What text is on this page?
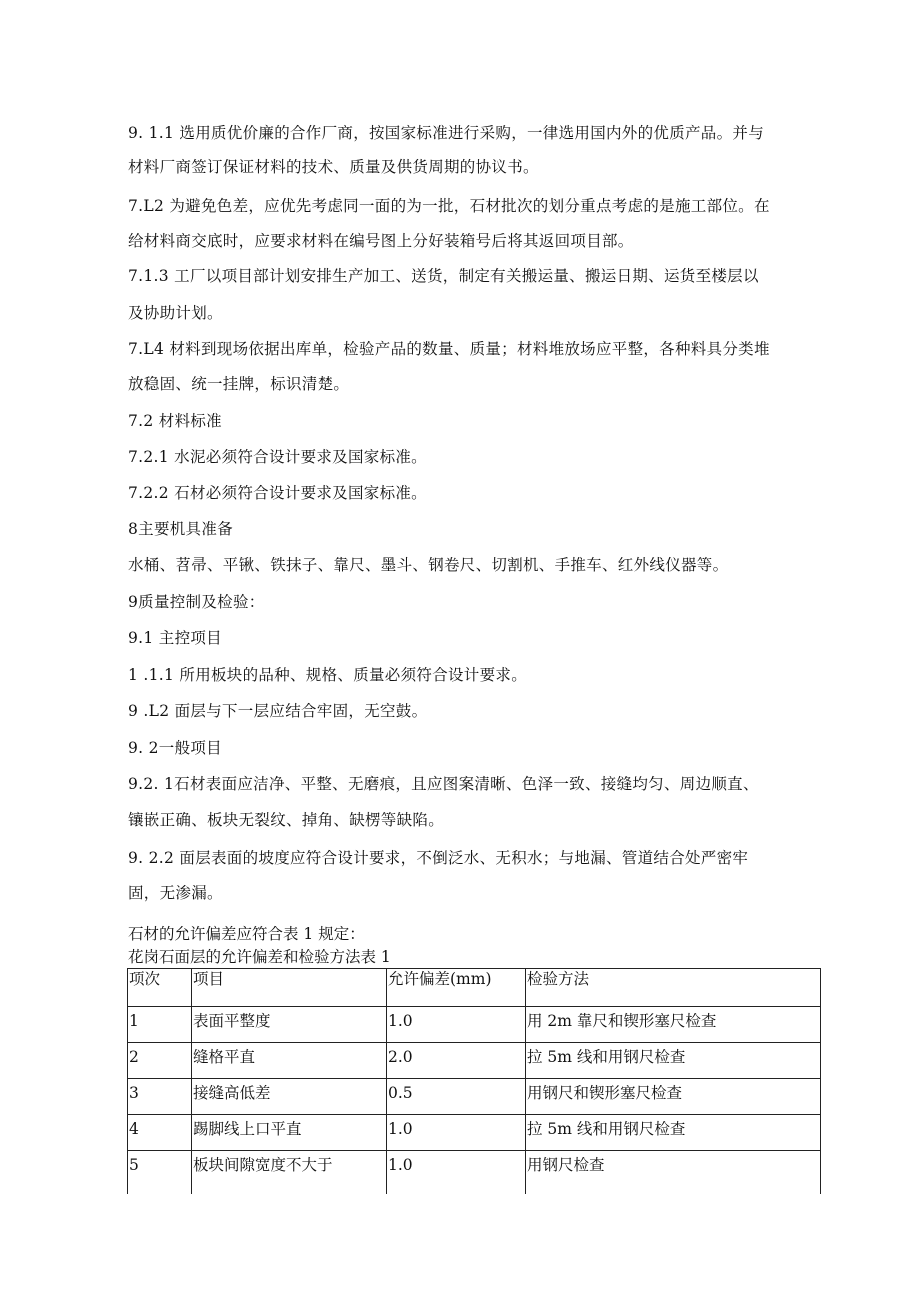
9. 1.1 选用质优价廉的合作厂商，按国家标准进行采购，一律选用国内外的优质产品。并与
材料厂商签订保证材料的技术、质量及供货周期的协议书。
7.L2 为避免色差，应优先考虑同一面的为一批，石材批次的划分重点考虑的是施工部位。在
给材料商交底时，应要求材料在编号图上分好装箱号后将其返回项目部。
7.1.3 工厂以项目部计划安排生产加工、送货，制定有关搬运量、搬运日期、运货至楼层以
及协助计划。
7.L4 材料到现场依据出库单，检验产品的数量、质量；材料堆放场应平整，各种料具分类堆
放稳固、统一挂牌，标识清楚。
7.2 材料标准
7.2.1 水泥必须符合设计要求及国家标准。
7.2.2 石材必须符合设计要求及国家标准。
8主要机具准备
水桶、苕帚、平锹、铁抹子、靠尺、墨斗、钢卷尺、切割机、手推车、红外线仪器等。
9质量控制及检验：
9.1 主控项目
1 .1.1 所用板块的品种、规格、质量必须符合设计要求。
9 .L2 面层与下一层应结合牢固，无空鼓。
9. 2一般项目
9.2. 1石材表面应洁净、平整、无磨痕，且应图案清晰、色泽一致、接缝均匀、周边顺直、
镶嵌正确、板块无裂纹、掉角、缺楞等缺陷。
9. 2.2 面层表面的坡度应符合设计要求，不倒泛水、无积水；与地漏、管道结合处严密牢
固，无渗漏。
石材的允许偏差应符合表 1 规定：
花岗石面层的允许偏差和检验方法表 1
项次	项目	允许偏差(mm)	检验方法
1	表面平整度	1.0	用 2m 靠尺和锲形塞尺检查
2	缝格平直	2.0	拉 5m 线和用钢尺检查
3	接缝高低差	0.5	用钢尺和锲形塞尺检查
4	踢脚线上口平直	1.0	拉 5m 线和用钢尺检查
5	板块间隙宽度不大于	1.0	用钢尺检查
